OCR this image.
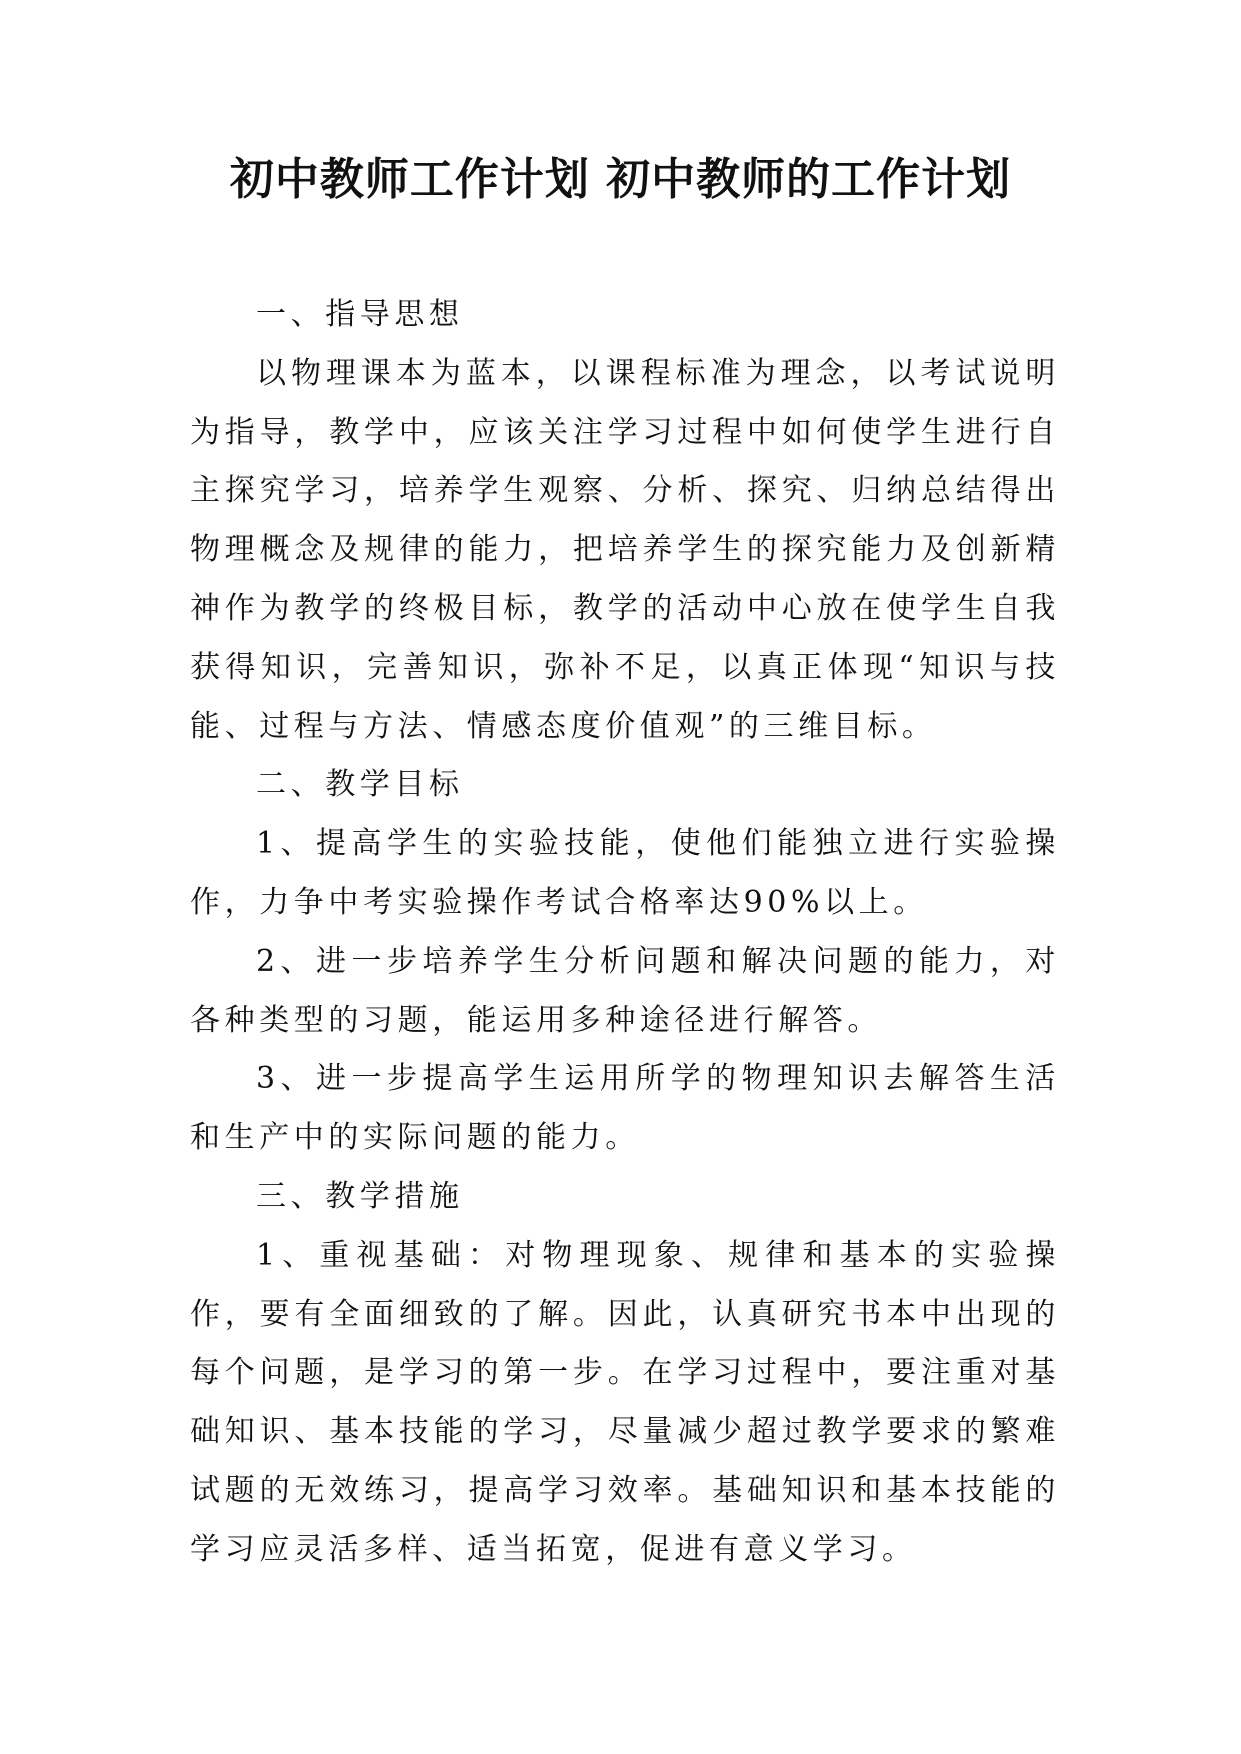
初中教师工作计划 初中教师的工作计划

一、指导思想

以物理课本为蓝本，以课程标准为理念，以考试说明为指导，教学中，应该关注学习过程中如何使学生进行自主探究学习，培养学生观察、分析、探究、归纳总结得出物理概念及规律的能力，把培养学生的探究能力及创新精神作为教学的终极目标，教学的活动中心放在使学生自我获得知识，完善知识，弥补不足，以真正体现“知识与技能、过程与方法、情感态度价值观”的三维目标。

二、教学目标

1、提高学生的实验技能，使他们能独立进行实验操作，力争中考实验操作考试合格率达90%以上。

2、进一步培养学生分析问题和解决问题的能力，对各种类型的习题，能运用多种途径进行解答。

3、进一步提高学生运用所学的物理知识去解答生活和生产中的实际问题的能力。

三、教学措施

1、重视基础：对物理现象、规律和基本的实验操作，要有全面细致的了解。因此，认真研究书本中出现的每个问题，是学习的第一步。在学习过程中，要注重对基础知识、基本技能的学习，尽量减少超过教学要求的繁难试题的无效练习，提高学习效率。基础知识和基本技能的学习应灵活多样、适当拓宽，促进有意义学习。
